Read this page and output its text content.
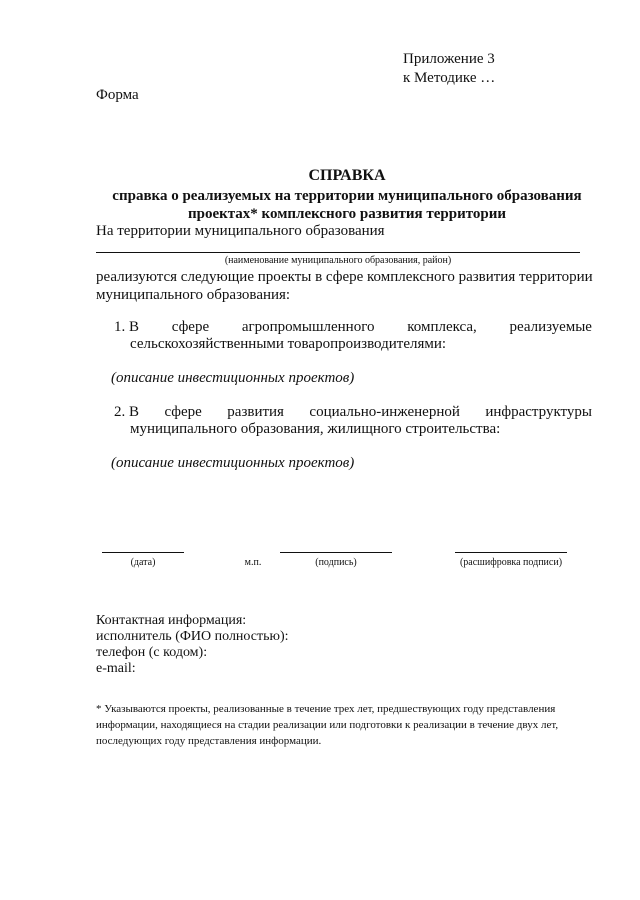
Приложение 3
к Методике …
Форма
СПРАВКА
справка о реализуемых на территории муниципального образования
проектах* комплексного развития территории
На территории муниципального образования
(наименование муниципального образования, район)
реализуются следующие проекты в сфере комплексного развития территории
муниципального образования:
1. В сфере агропромышленного комплекса, реализуемые
сельскохозяйственными товаропроизводителями:
(описание инвестиционных проектов)
2. В сфере развития социально-инженерной инфраструктуры
муниципального образования, жилищного строительства:
(описание инвестиционных проектов)
(дата)	м.п.	(подпись)	(расшифровка подписи)
Контактная информация:
исполнитель (ФИО полностью):
телефон (с кодом):
e-mail:
* Указываются проекты, реализованные в течение трех лет, предшествующих году представления
информации, находящиеся на стадии реализации или подготовки к реализации в течение двух лет,
последующих году представления информации.
